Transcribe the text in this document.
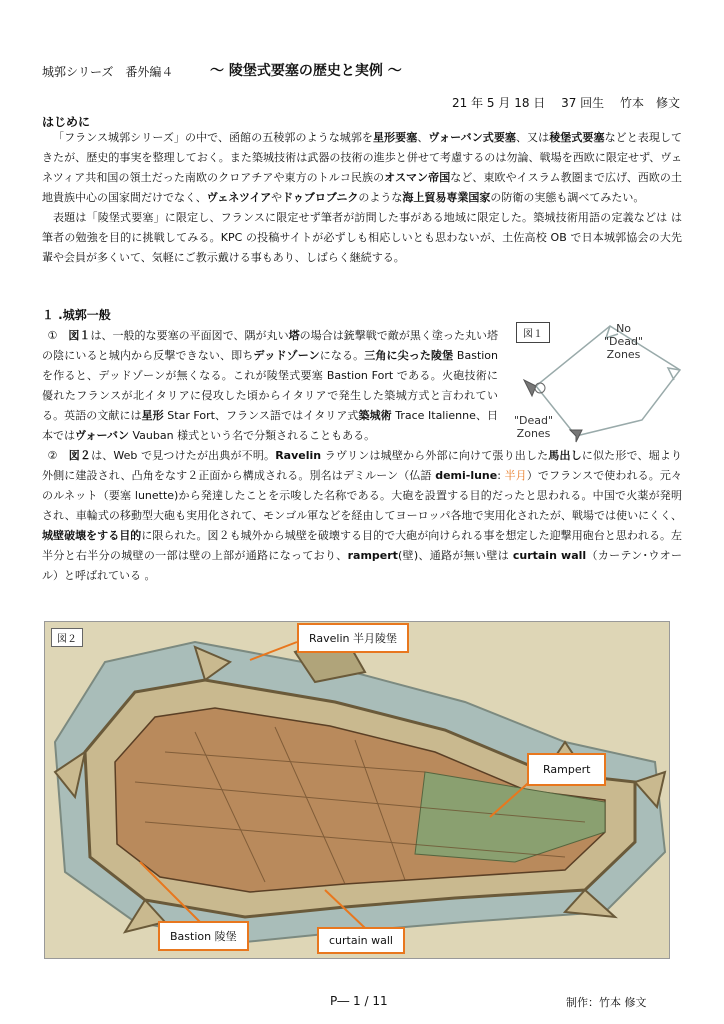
城郭シリーズ　番外編４	～ 陵堡式要塞の歴史と実例 ～
21 年 5 月 18 日　 37 回生　 竹本　修文
はじめに
「フランス城郭シリーズ」の中で、函館の五稜郭のような城郭を星形要塞、ヴォーバン式要塞、又は稜堡式要塞などと表現してきたが、歴史的事実を整理しておく。また築城技術は武器の技術の進歩と併せて考慮するのは勿論、戦場を西欧に限定せず、ヴェネツィア共和国の領土だった南欧のクロアチアや東方のトルコ民族のオスマン帝国など、東欧やイスラム教圏まで広げ、西欧の土地貴族中心の国家間だけでなく、ヴェネツイアやドゥブロブニクのような海上貿易専業国家の防衛の実態も調べてみたい。
表題は「陵堡式要塞」に限定し、フランスに限定せず筆者が訪問した事がある地域に限定した。築城技術用語の定義などは は筆者の勉強を目的に挑戦してみる。KPC の投稿サイトが必ずしも相応しいとも思わないが、土佐高校 OB で日本城郭協会の大先輩や会員が多くいて、気軽にご教示戴ける事もあり、しばらく継続する。
１ .城郭一般
①　図１は、一般的な要塞の平面図で、隅が丸い塔の場合は銃撃戦で敵が黒く塗った丸い塔の陰にいると城内から反撃できない、即ちデッドゾーンになる。三角に尖った陵堡 Bastion を作ると、デッドゾーンが無くなる。これが陵堡式要塞 Bastion Fort である。火砲技術に優れたフランスが北イタリアに侵攻した頃からイタリアで発生した築城方式と言われている。英語の文献には星形 Star Fort、フランス語ではイタリア式築城術 Trace Italienne、日本ではヴォーバン Vauban 様式という名で分類されることもある。
図１	No
"Dead"
Zones
"Dead"
Zones
②　図２は、Web で見つけたが出典が不明。Ravelin ラヴリンは城壁から外部に向けて張り出した馬出しに似た形で、堀より外側に建設され、凸角をなす２正面から構成される。別名はデミルーン（仏語 demi-lune: 半月）でフランスで使われる。元々のルネット（要塞 lunette)から発達したことを示唆した名称である。大砲を設置する目的だったと思われる。中国で火薬が発明され、車輪式の移動型大砲も実用化されて、モンゴル軍などを経由してヨーロッパ各地で実用化されたが、戦場では使いにくく、城壁破壊をする目的に限られた。図２も城外から城壁を破壊する目的で大砲が向けられる事を想定した迎撃用砲台と思われる。左半分と右半分の城壁の一部は壁の上部が通路になっており、rampert(壁)、通路が無い壁は curtain wall（カーテン･ウオール）と呼ばれている 。
図２	Ravelin 半月陵堡
Rampert
Bastion 陵堡	curtain wall
P― 1 / 11	制作：竹本 修文
